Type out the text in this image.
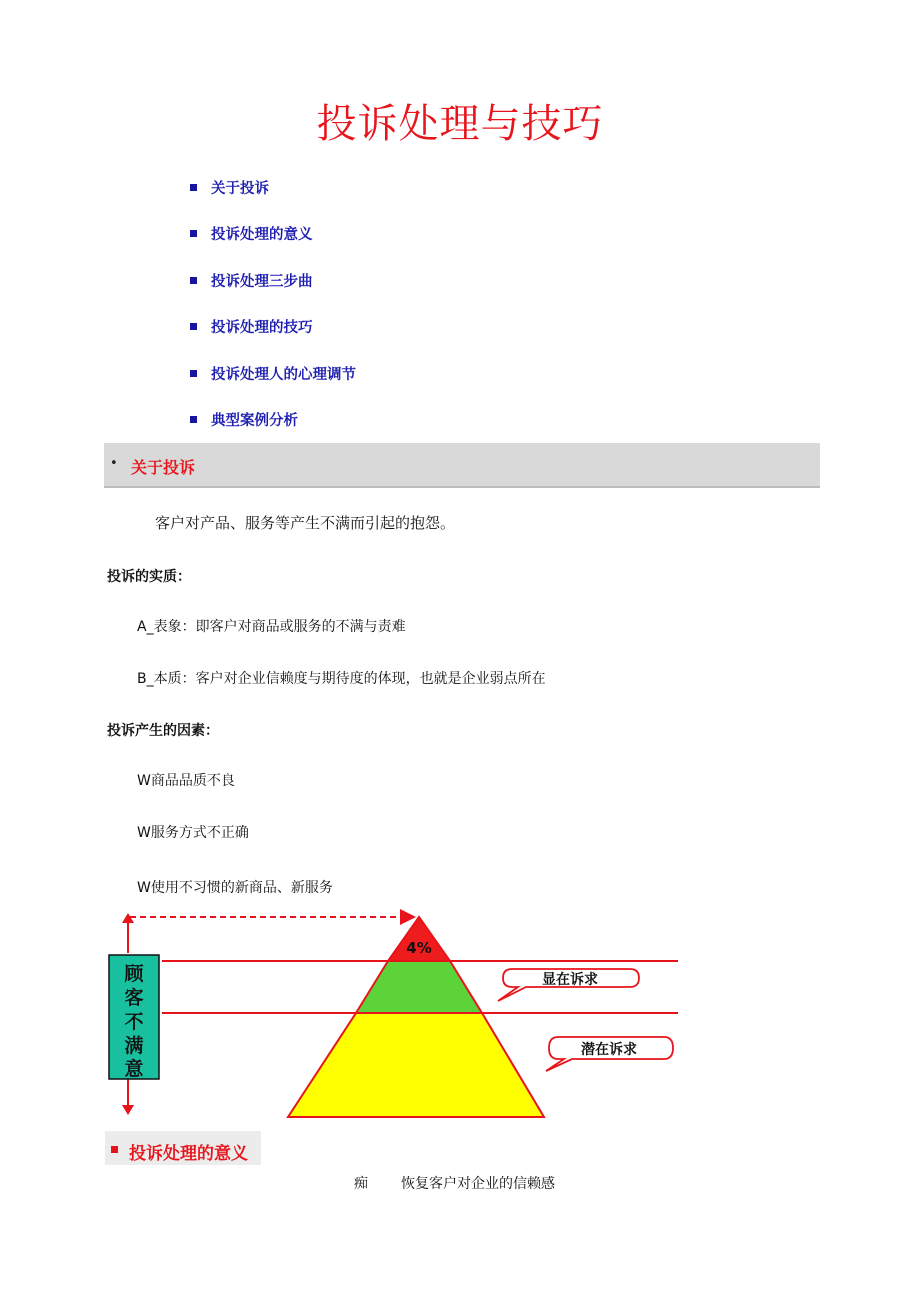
投诉处理与技巧
关于投诉
投诉处理的意义
投诉处理三步曲
投诉处理的技巧
投诉处理人的心理调节
典型案例分析
• 关于投诉
客户对产品、服务等产生不满而引起的抱怨。
投诉的实质：
A_表象：即客户对商品或服务的不满与责难
B_本质：客户对企业信赖度与期待度的体现，也就是企业弱点所在
投诉产生的因素：
W商品品质不良
W服务方式不正确
W使用不习惯的新商品、新服务
4%
顾
客
不
满
意
显在诉求
潜在诉求
投诉处理的意义
痴 恢复客户对企业的信赖感
